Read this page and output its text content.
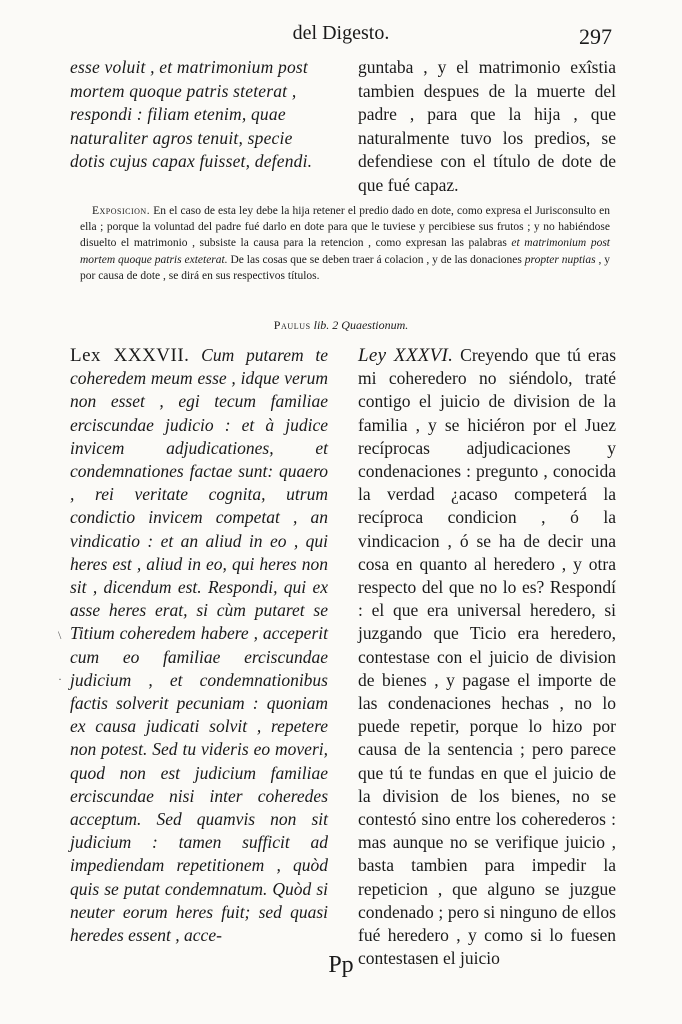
del Digesto.	297

esse voluit , et matrimonium post mortem quoque patris steterat , respondi : filiam etenim, quae naturaliter agros tenuit, specie dotis cujus capax fuisset, defendi.

guntaba , y el matrimonio exîstia tambien despues de la muerte del padre , para que la hija , que naturalmente tuvo los predios, se defendiese con el título de dote de que fué capaz.

Exposicion. En el caso de esta ley debe la hija retener el predio dado en dote, como expresa el Jurisconsulto en ella ; porque la voluntad del padre fué darlo en dote para que le tuviese y percibiese sus frutos ; y no habiéndose disuelto el matrimonio , subsiste la causa para la retencion , como expresan las palabras et matrimonium post mortem quoque patris exteterat. De las cosas que se deben traer á colacion , y de las donaciones propter nuptias , y por causa de dote , se dirá en sus respectivos títulos.
Paulus lib. 2 Quaestionum.

Lex XXXVII. Cum putarem te coheredem meum esse , idque verum non esset , egi tecum familiae erciscundae judicio : et à judice invicem adjudicationes, et condemnationes factae sunt: quaero , rei veritate cognita, utrum condictio invicem competat , an vindicatio : et an aliud in eo , qui heres est , aliud in eo, qui heres non sit , dicendum est. Respondi, qui ex asse heres erat, si cùm putaret se Titium coheredem habere , acceperit cum eo familiae erciscundae judicium , et condemnationibus factis solverit pecuniam : quoniam ex causa judicati solvit , repetere non potest. Sed tu videris eo moveri, quod non est judicium familiae erciscundae nisi inter coheredes acceptum. Sed quamvis non sit judicium : tamen sufficit ad impediendam repetitionem , quòd quis se putat condemnatum. Quòd si neuter eorum heres fuit; sed quasi heredes essent , acce-

Ley XXXVI. Creyendo que tú eras mi coheredero no siéndolo, traté contigo el juicio de division de la familia , y se hiciéron por el Juez recíprocas adjudicaciones y condenaciones : pregunto , conocida la verdad ¿acaso competerá la recíproca condicion , ó la vindicacion , ó se ha de decir una cosa en quanto al heredero , y otra respecto del que no lo es? Respondí : el que era universal heredero, si juzgando que Ticio era heredero, contestase con el juicio de division de bienes , y pagase el importe de las condenaciones hechas , no lo puede repetir, porque lo hizo por causa de la sentencia ; pero parece que tú te fundas en que el juicio de la division de los bienes, no se contestó sino entre los coherederos : mas aunque no se verifique juicio , basta tambien para impedir la repeticion , que alguno se juzgue condenado ; pero si ninguno de ellos fué heredero , y como si lo fuesen contestasen el juicio

\
·
Pp
